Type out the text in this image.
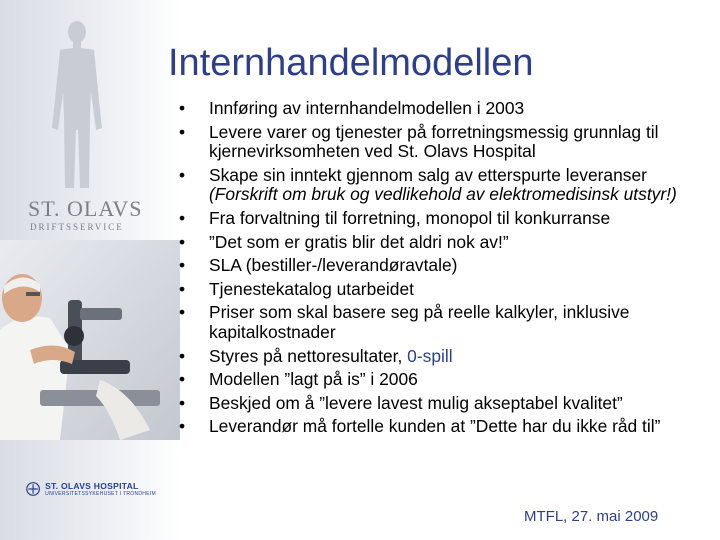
ST. OLAVS
DRIFTSSERVICE
ST. OLAVS HOSPITAL
UNIVERSITETSSYKEHUSET I TRONDHEIM
Internhandelmodellen
•	Innføring av internhandelmodellen i 2003
•	Levere varer og tjenester på forretningsmessig grunnlag til kjernevirksomheten ved St. Olavs Hospital
•	Skape sin inntekt gjennom salg av etterspurte leveranser (Forskrift om bruk og vedlikehold av elektromedisinsk utstyr!)
•	Fra forvaltning til forretning, monopol til konkurranse
•	”Det som er gratis blir det aldri nok av!”
•	SLA (bestiller-/leverandøravtale)
•	Tjenestekatalog utarbeidet
•	Priser som skal basere seg på reelle kalkyler, inklusive kapitalkostnader
•	Styres på nettoresultater, 0-spill
•	Modellen ”lagt på is” i 2006
•	Beskjed om å ”levere lavest mulig akseptabel kvalitet”
•	Leverandør må fortelle kunden at ”Dette har du ikke råd til”
MTFL, 27. mai 2009
